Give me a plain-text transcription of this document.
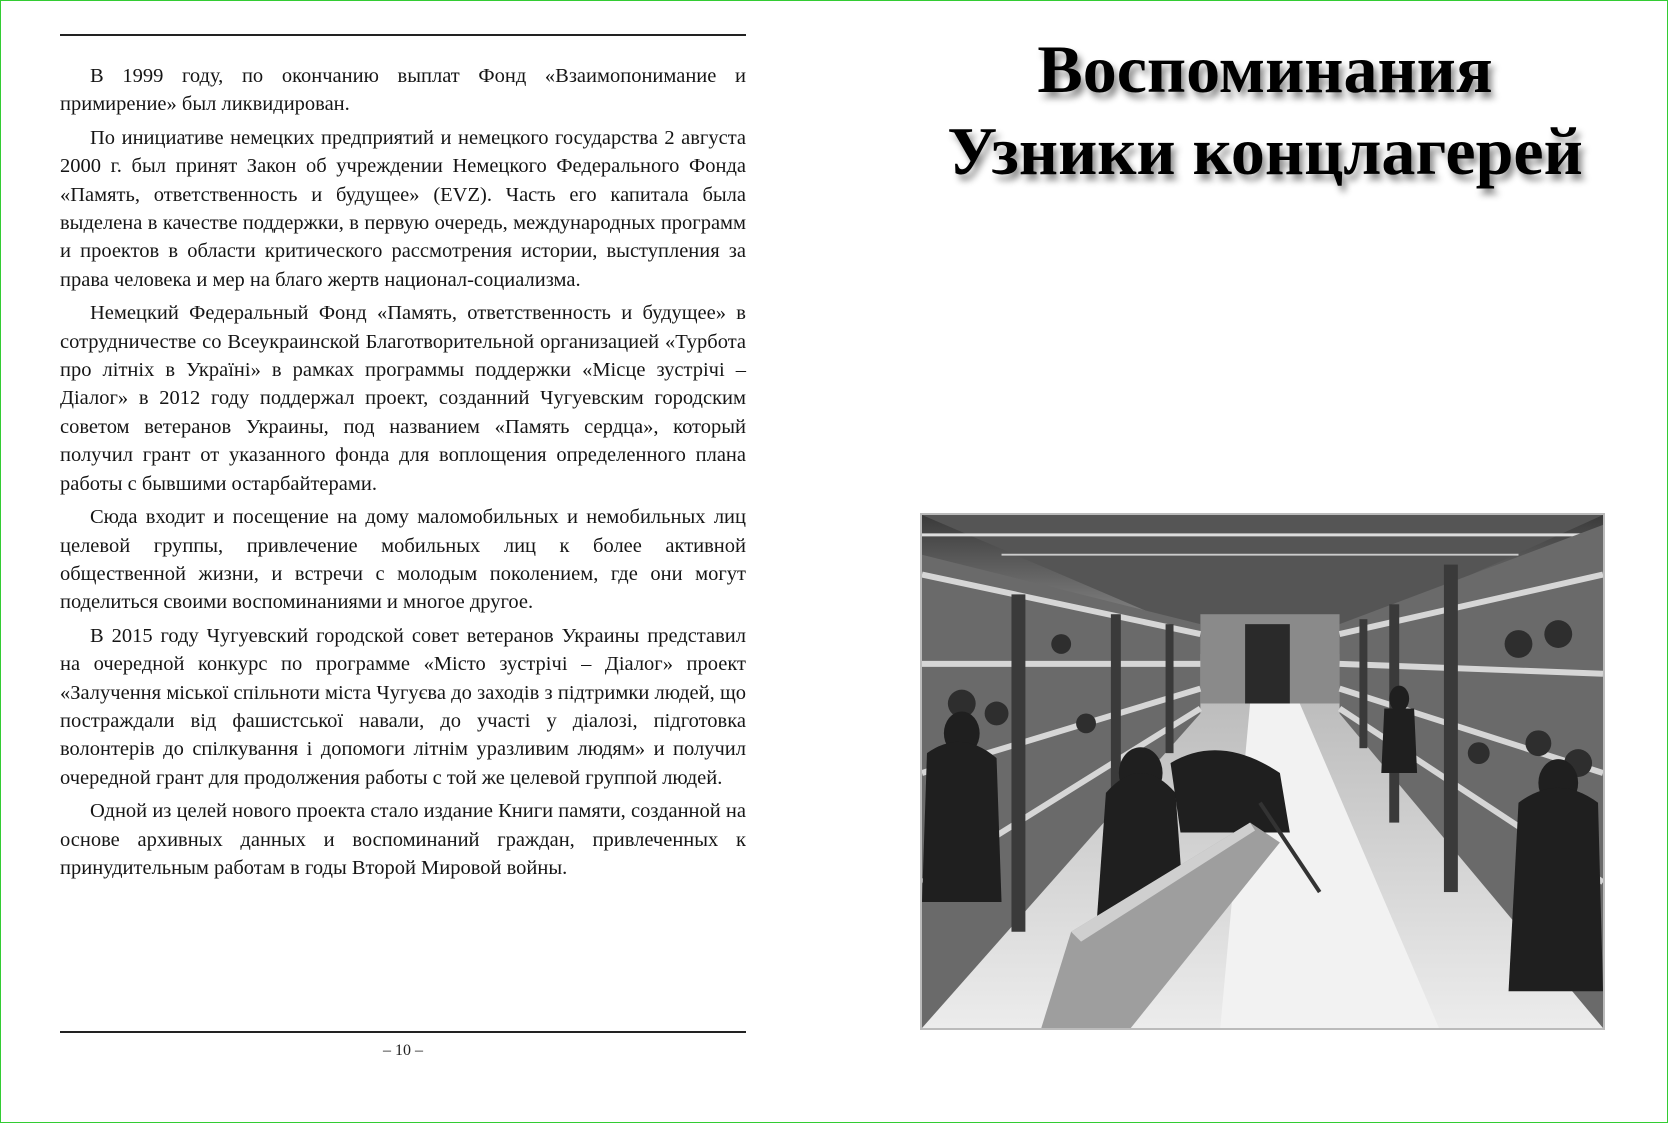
В 1999 году, по окончанию выплат Фонд «Взаимопонимание и примирение» был ликвидирован.

По инициативе немецких предприятий и немецкого государства 2 августа 2000 г. был принят Закон об учреждении Немецкого Федерального Фонда «Память, ответственность и будущее» (EVZ). Часть его капитала была выделена в качестве поддержки, в первую очередь, международных программ и проектов в области критического рассмотрения истории, выступления за права человека и мер на благо жертв национал-социализма.

Немецкий Федеральный Фонд «Память, ответственность и будущее» в сотрудничестве со Всеукраинской Благотворительной организацией «Турбота про літніх в Україні» в рамках программы поддержки «Місце зустрічі – Діалог» в 2012 году поддержал проект, созданний Чугуевским городским советом ветеранов Украины, под названием «Память сердца», который получил грант от указанного фонда для воплощения определенного плана работы с бывшими остарбайтерами.

Сюда входит и посещение на дому маломобильных и немобильных лиц целевой группы, привлечение мобильных лиц к более активной общественной жизни, и встречи с молодым поколением, где они могут поделиться своими воспоминаниями и многое другое.

В 2015 году Чугуевский городской совет ветеранов Украины представил на очередной конкурс по программе «Місто зустрічі – Діалог» проект «Залучення міської спільноти міста Чугуєва до заходів з підтримки людей, що постраждали від фашистської навали, до участі у діалозі, підготовка волонтерів до спілкування і допомоги літнім уразливим людям» и получил очередной грант для продолжения работы с той же целевой группой людей.

Одной из целей нового проекта стало издание Книги памяти, созданной на основе архивных данных и воспоминаний граждан, привлеченных к принудительным работам в годы Второй Мировой войны.

– 10 –
Воспоминания
Узники концлагерей
